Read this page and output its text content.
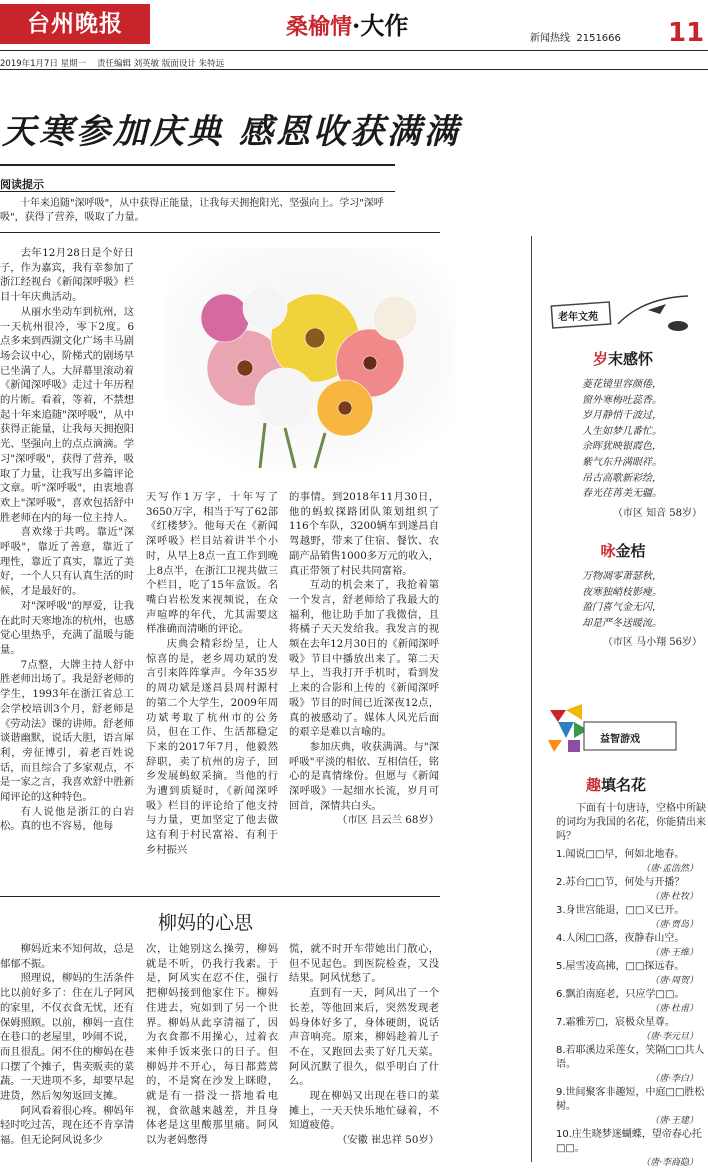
台州晚报	桑榆情·大作	11
新闻热线 2151666
2019年1月7日 星期一 责任编辑 刘英敏 版面设计 朱特远
天寒参加庆典 感恩收获满满
阅读提示
十年来追随"深呼吸"，从中获得正能量，让我每天拥抱阳光、坚强向上。学习"深呼吸"，获得了营养，吸取了力量。

去年12月28日是个好日子，作为嘉宾，我有幸参加了浙江经视台《新闻深呼吸》栏目十年庆典活动。

从丽水坐动车到杭州，这一天杭州很冷，零下2度。6点多来到西湖文化广场丰马剧场会议中心，阶梯式的剧场早已坐满了人。大屏幕里滚动着《新闻深呼吸》走过十年历程的片断。看着，等着，不禁想起十年来追随"深呼吸"，从中获得正能量，让我每天拥抱阳光、坚强向上的点点滴滴。学习"深呼吸"，获得了营养，吸取了力量，让我写出多篇评论文章。听"深呼吸"，由衷地喜欢上"深呼吸"，喜欢包括舒中胜老师在内的每一位主持人。

喜欢缘于共鸣。靠近"深呼吸"，靠近了善意，靠近了理性，靠近了真实，靠近了美好，一个人只有认真生活的时候，才是最好的。

对"深呼吸"的厚爱，让我在此时天寒地冻的杭州，也感觉心里热乎，充满了温暖与能量。

7点整，大牌主持人舒中胜老师出场了。我是舒老师的学生，1993年在浙江省总工会学校培训3个月，舒老师是《劳动法》课的讲师。舒老师谈谐幽默，说话大胆，语言犀利，旁征博引，着老百姓说话，而且综合了多家观点，不是一家之言，我喜欢舒中胜新闻评论的这种特色。

有人说他是浙江的白岩松。真的也不容易，他每

天写作1万字，十年写了3650万字，相当于写了62部《红楼梦》。他每天在《新闻深呼吸》栏目站着讲半个小时，从早上8点一直工作到晚上8点半，在浙江卫视共做三个栏目，吃了15年盒饭。名嘴白岩松发来视频说，在众声喧哗的年代，尤其需要这样准确而清晰的评论。

庆典会精彩纷呈，让人惊喜的是，老乡周功斌的发言引来阵阵掌声。今年35岁的周功斌是遂昌县周村源村的第二个大学生，2009年周功斌考取了杭州市的公务员，但在工作、生活都稳定下来的2017年7月，他毅然辞职，卖了杭州的房子，回乡发展蚂蚁采摘。当他的行为遭到质疑时，《新闻深呼吸》栏目的评论给了他支持与力量，更加坚定了他去做这有利于村民富裕、有利于乡村振兴

的事情。到2018年11月30日，他的蚂蚁探路团队策划组织了116个车队，3200辆车到遂昌自驾越野，带来了住宿、餐饮、农副产品销售1000多万元的收入，真正带领了村民共同富裕。

互动的机会来了，我抢着第一个发言，舒老师给了我最大的福利，他让助手加了我微信，且将橘子天天发给我。我发言的视频在去年12月30日的《新闻深呼吸》节目中播放出来了。第二天早上，当我打开手机时，看到发上来的合影和上传的《新闻深呼吸》节目的时间已近深夜12点，真的被感动了。媒体人风光后面的艰辛是难以言喻的。

参加庆典，收获满满。与"深呼吸"平淡的相依、互相信任，铭心的是真情缘份。但愿与《新闻深呼吸》一起细水长流，岁月可回首，深情共白头。

（市区 吕云兰 68岁）

柳妈的心思

柳妈近来不知何故，总是郁郁不振。

照理说，柳妈的生活条件比以前好多了：住在儿子阿风的家里，不仅衣食无忧，还有保姆照顾。以前，柳妈一直住在巷口的老屋里，吵闹不说，而且很乱。闲不住的柳妈在巷口摆了个摊子，售卖贩卖的菜蔬。一天进项不多，却要早起进货，然后匆匆返回支摊。

阿风看着很心疼。柳妈年轻时吃过苦，现在还不肯享清福。但无论阿风说多少

次，让她别这么操劳，柳妈就是不听，仍我行我素。于是，阿风实在忍不住，强行把柳妈接到他家住下。柳妈住进去，宛如到了另一个世界。柳妈从此享清福了，因为衣食都不用操心，过着衣来伸手饭来张口的日子。但柳妈并不开心，每日都蔫蔫的，不是窝在沙发上眯瞪，就是有一搭没一搭地看电视，食欲越来越差，并且身体老是这里酸那里痛。阿风以为老妈憋得

慌，就不时开车带她出门散心，但不见起色。到医院检查，又没结果。阿风忧愁了。

直到有一天，阿风出了一个长差，等他回来后，突然发现老妈身体好多了，身体硬朗，说话声音响亮。原来，柳妈趁着儿子不在，又跑回去卖了好几天菜。阿风沉默了很久，似乎明白了什么。

现在柳妈又出现在巷口的菜摊上，一天天快乐地忙碌着，不知道疲倦。

（安徽 崔忠祥 50岁）

老年文苑

岁末感怀

菱花镜里容颜倦，

窗外寒梅吐蕊香。

岁月静悄千波过，

人生如梦几番忙。

余晖犹映银霞色，

紫气东升满眼祥。

吊古高歌新彩绘，

春光荏苒美无疆。

（市区 知音 58岁）

咏金桔

万物凋零萧瑟秋，

夜寒独峭枝影瘦。

盈门喜气金无闪，

却是严冬送暖流。

（市区 马小翔 56岁）

益智游戏
趣填名花

下面有十句唐诗，空格中所缺的词均为我国的名花，你能猜出来吗？

1.闻说□□早，何如北地春。

（唐·孟浩然）

2.苏台□□节，何处与开播？

（唐·杜牧）

3.身世宫能退，□□又已开。

（唐·贾岛）

4.人闲□□落，夜静春山空。

（唐·王维）

5.屋雪凌高拂，□□探远春。

（唐·周贺）

6.飘泊南庭老，只应学□□。

（唐·杜甫）

7.霜雅芳□，宸极众星尊。

（唐·李元旦）

8.若耶溪边采莲女，笑隔□□共人语。

（唐·李白）

9.世间聚客非趣短，中庭□□胜松树。

（唐·王建）

10.庄生晓梦迷蝴蝶，望帝春心托□□。

（唐·李商隐）
